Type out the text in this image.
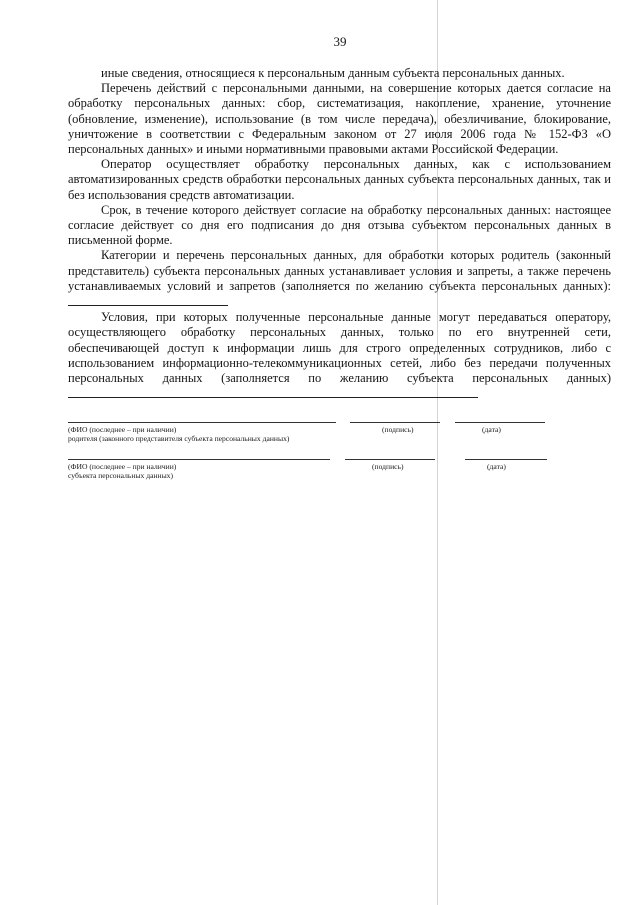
39

иные сведения, относящиеся к персональным данным субъекта персональных данных.

Перечень действий с персональными данными, на совершение которых дается согласие на обработку персональных данных: сбор, систематизация, накопление, хранение, уточнение (обновление, изменение), использование (в том числе передача), обезличивание, блокирование, уничтожение в соответствии с Федеральным законом от 27 июля 2006 года № 152-ФЗ «О персональных данных» и иными нормативными правовыми актами Российской Федерации.

Оператор осуществляет обработку персональных данных, как с использованием автоматизированных средств обработки персональных данных субъекта персональных данных, так и без использования средств автоматизации.

Срок, в течение которого действует согласие на обработку персональных данных: настоящее согласие действует со дня его подписания до дня отзыва субъектом персональных данных в письменной форме.

Категории и перечень персональных данных, для обработки которых родитель (законный представитель) субъекта персональных данных устанавливает условия и запреты, а также перечень устанавливаемых условий и запретов (заполняется по желанию субъекта персональных данных):

Условия, при которых полученные персональные данные могут передаваться оператору, осуществляющего обработку персональных данных, только по его внутренней сети, обеспечивающей доступ к информации лишь для строго определенных сотрудников, либо с использованием информационно-телекоммуникационных сетей, либо без передачи полученных персональных данных (заполняется по желанию субъекта персональных данных)

(ФИО (последнее – при наличии)
родителя (законного представителя субъекта персональных данных)
(подпись)	(дата)
(ФИО (последнее – при наличии)
субъекта персональных данных)
(подпись)	(дата)
